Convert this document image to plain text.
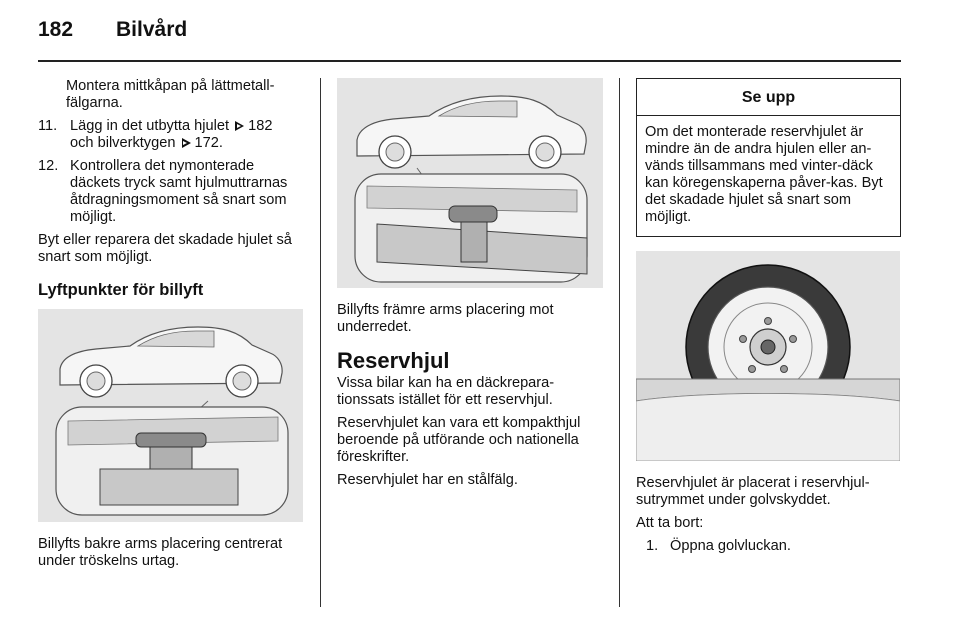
182 Bilvård

Montera mittkåpan på lättmetall-fälgarna.

11. Lägg in det utbytta hjulet 182
och bilverktygen 172.
12. Kontrollera det nymonterade däckets tryck samt hjulmuttrarnas åtdragningsmoment så snart som möjligt.

Byt eller reparera det skadade hjulet så snart som möjligt.

Lyftpunkter för billyft

Billyfts bakre arms placering centrerat under tröskelns urtag.

Billyfts främre arms placering mot underredet.

Reservhjul

Vissa bilar kan ha en däckrepara-tionssats istället för ett reservhjul.

Reservhjulet kan vara ett kompakthjul beroende på utförande och nationella föreskrifter.

Reservhjulet har en stålfälg.

Se upp
Om det monterade reservhjulet är mindre än de andra hjulen eller an-vänds tillsammans med vinter-däck kan köregenskaperna påver-kas. Byt det skadade hjulet så snart som möjligt.

Reservhjulet är placerat i reservhjul-sutrymmet under golvskyddet.

Att ta bort:

1. Öppna golvluckan.
